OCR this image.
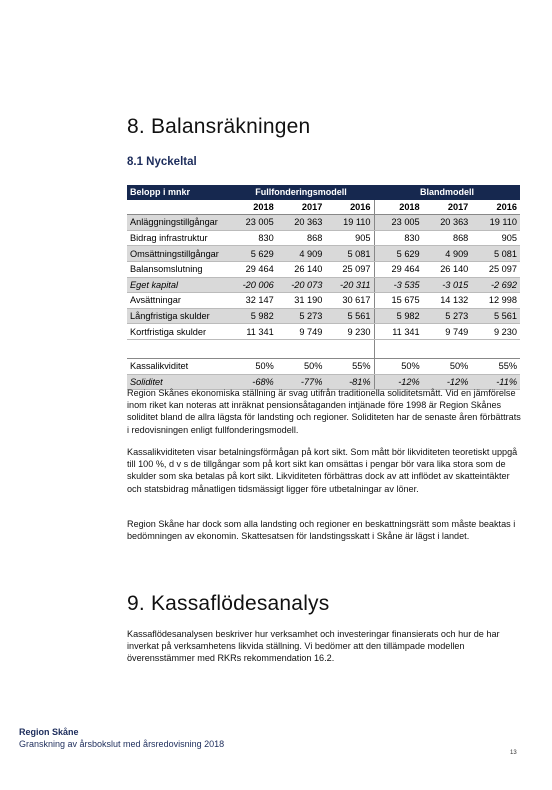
8. Balansräkningen
8.1 Nyckeltal
Belopp i mnkr	Fullfonderingsmodell			Blandmodell		
	2018	2017	2016	2018	2017	2016
Anläggningstillgångar	23 005	20 363	19 110	23 005	20 363	19 110
Bidrag infrastruktur	830	868	905	830	868	905
Omsättningstillgångar	5 629	4 909	5 081	5 629	4 909	5 081
Balansomslutning	29 464	26 140	25 097	29 464	26 140	25 097
Eget kapital	-20 006	-20 073	-20 311	-3 535	-3 015	-2 692
Avsättningar	32 147	31 190	30 617	15 675	14 132	12 998
Långfristiga skulder	5 982	5 273	5 561	5 982	5 273	5 561
Kortfristiga skulder	11 341	9 749	9 230	11 341	9 749	9 230

Kassalikviditet	50%	50%	55%	50%	50%	55%
Soliditet	-68%	-77%	-81%	-12%	-12%	-11%

Region Skånes ekonomiska ställning är svag utifrån traditionella soliditetsmått. Vid en jämförelse inom riket kan noteras att inräknat pensionsåtaganden intjänade före 1998 är Region Skånes soliditet bland de allra lägsta för landsting och regioner. Soliditeten har de senaste åren förbättrats i redovisningen enligt fullfonderingsmodell.

Kassalikviditeten visar betalningsförmågan på kort sikt. Som mått bör likviditeten teoretiskt uppgå till 100 %, d v s de tillgångar som på kort sikt kan omsättas i pengar bör vara lika stora som de skulder som ska betalas på kort sikt. Likviditeten förbättras dock av att inflödet av skatteintäkter och statsbidrag månatligen tidsmässigt ligger före utbetalningar av löner.

Region Skåne har dock som alla landsting och regioner en beskattningsrätt som måste beaktas i bedömningen av ekonomin. Skattesatsen för landstingsskatt i Skåne är lägst i landet.

9. Kassaflödesanalys

Kassaflödesanalysen beskriver hur verksamhet och investeringar finansierats och hur de har inverkat på verksamhetens likvida ställning. Vi bedömer att den tillämpade modellen överensstämmer med RKRs rekommendation 16.2.

Region Skåne
Granskning av årsbokslut med årsredovisning 2018
13
